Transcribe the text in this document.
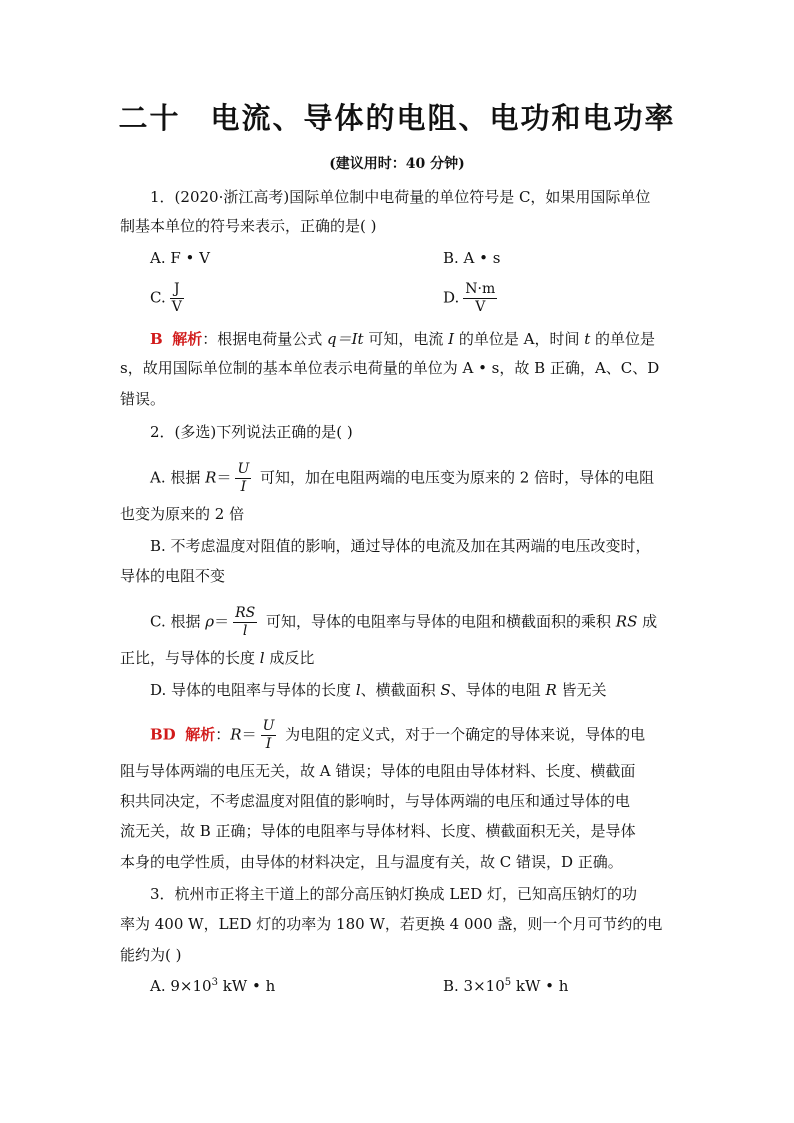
二十 电流、导体的电阻、电功和电功率
(建议用时：40 分钟)
1．(2020·浙江高考)国际单位制中电荷量的单位符号是 C，如果用国际单位
制基本单位的符号来表示，正确的是( )
A. F • V	B. A • s
C. $\frac{J}{V}$	D. $\frac{N\cdot m}{V}$
B 解析：根据电荷量公式 q＝It 可知，电流 I 的单位是 A，时间 t 的单位是
s，故用国际单位制的基本单位表示电荷量的单位为 A • s，故 B 正确，A、C、D
错误。
2．(多选)下列说法正确的是( )
A. 根据 $R= \frac{U}{I}$ 可知，加在电阻两端的电压变为原来的 2 倍时，导体的电阻
也变为原来的 2 倍
B. 不考虑温度对阻值的影响，通过导体的电流及加在其两端的电压改变时，
导体的电阻不变
C. 根据 $\rho= \frac{RS}{l}$ 可知，导体的电阻率与导体的电阻和横截面积的乘积 RS 成
正比，与导体的长度 l 成反比
D. 导体的电阻率与导体的长度 l、横截面积 S、导体的电阻 R 皆无关
BD 解析：$R= \frac{U}{I}$ 为电阻的定义式，对于一个确定的导体来说，导体的电
阻与导体两端的电压无关，故 A 错误；导体的电阻由导体材料、长度、横截面
积共同决定，不考虑温度对阻值的影响时，与导体两端的电压和通过导体的电
流无关，故 B 正确；导体的电阻率与导体材料、长度、横截面积无关，是导体
本身的电学性质，由导体的材料决定，且与温度有关，故 C 错误，D 正确。
3．杭州市正将主干道上的部分高压钠灯换成 LED 灯，已知高压钠灯的功
率为 400 W，LED 灯的功率为 180 W，若更换 4 000 盏，则一个月可节约的电
能约为( )
A. $9\times 10^3$ kW • h	B. $3\times 10^5$ kW • h
